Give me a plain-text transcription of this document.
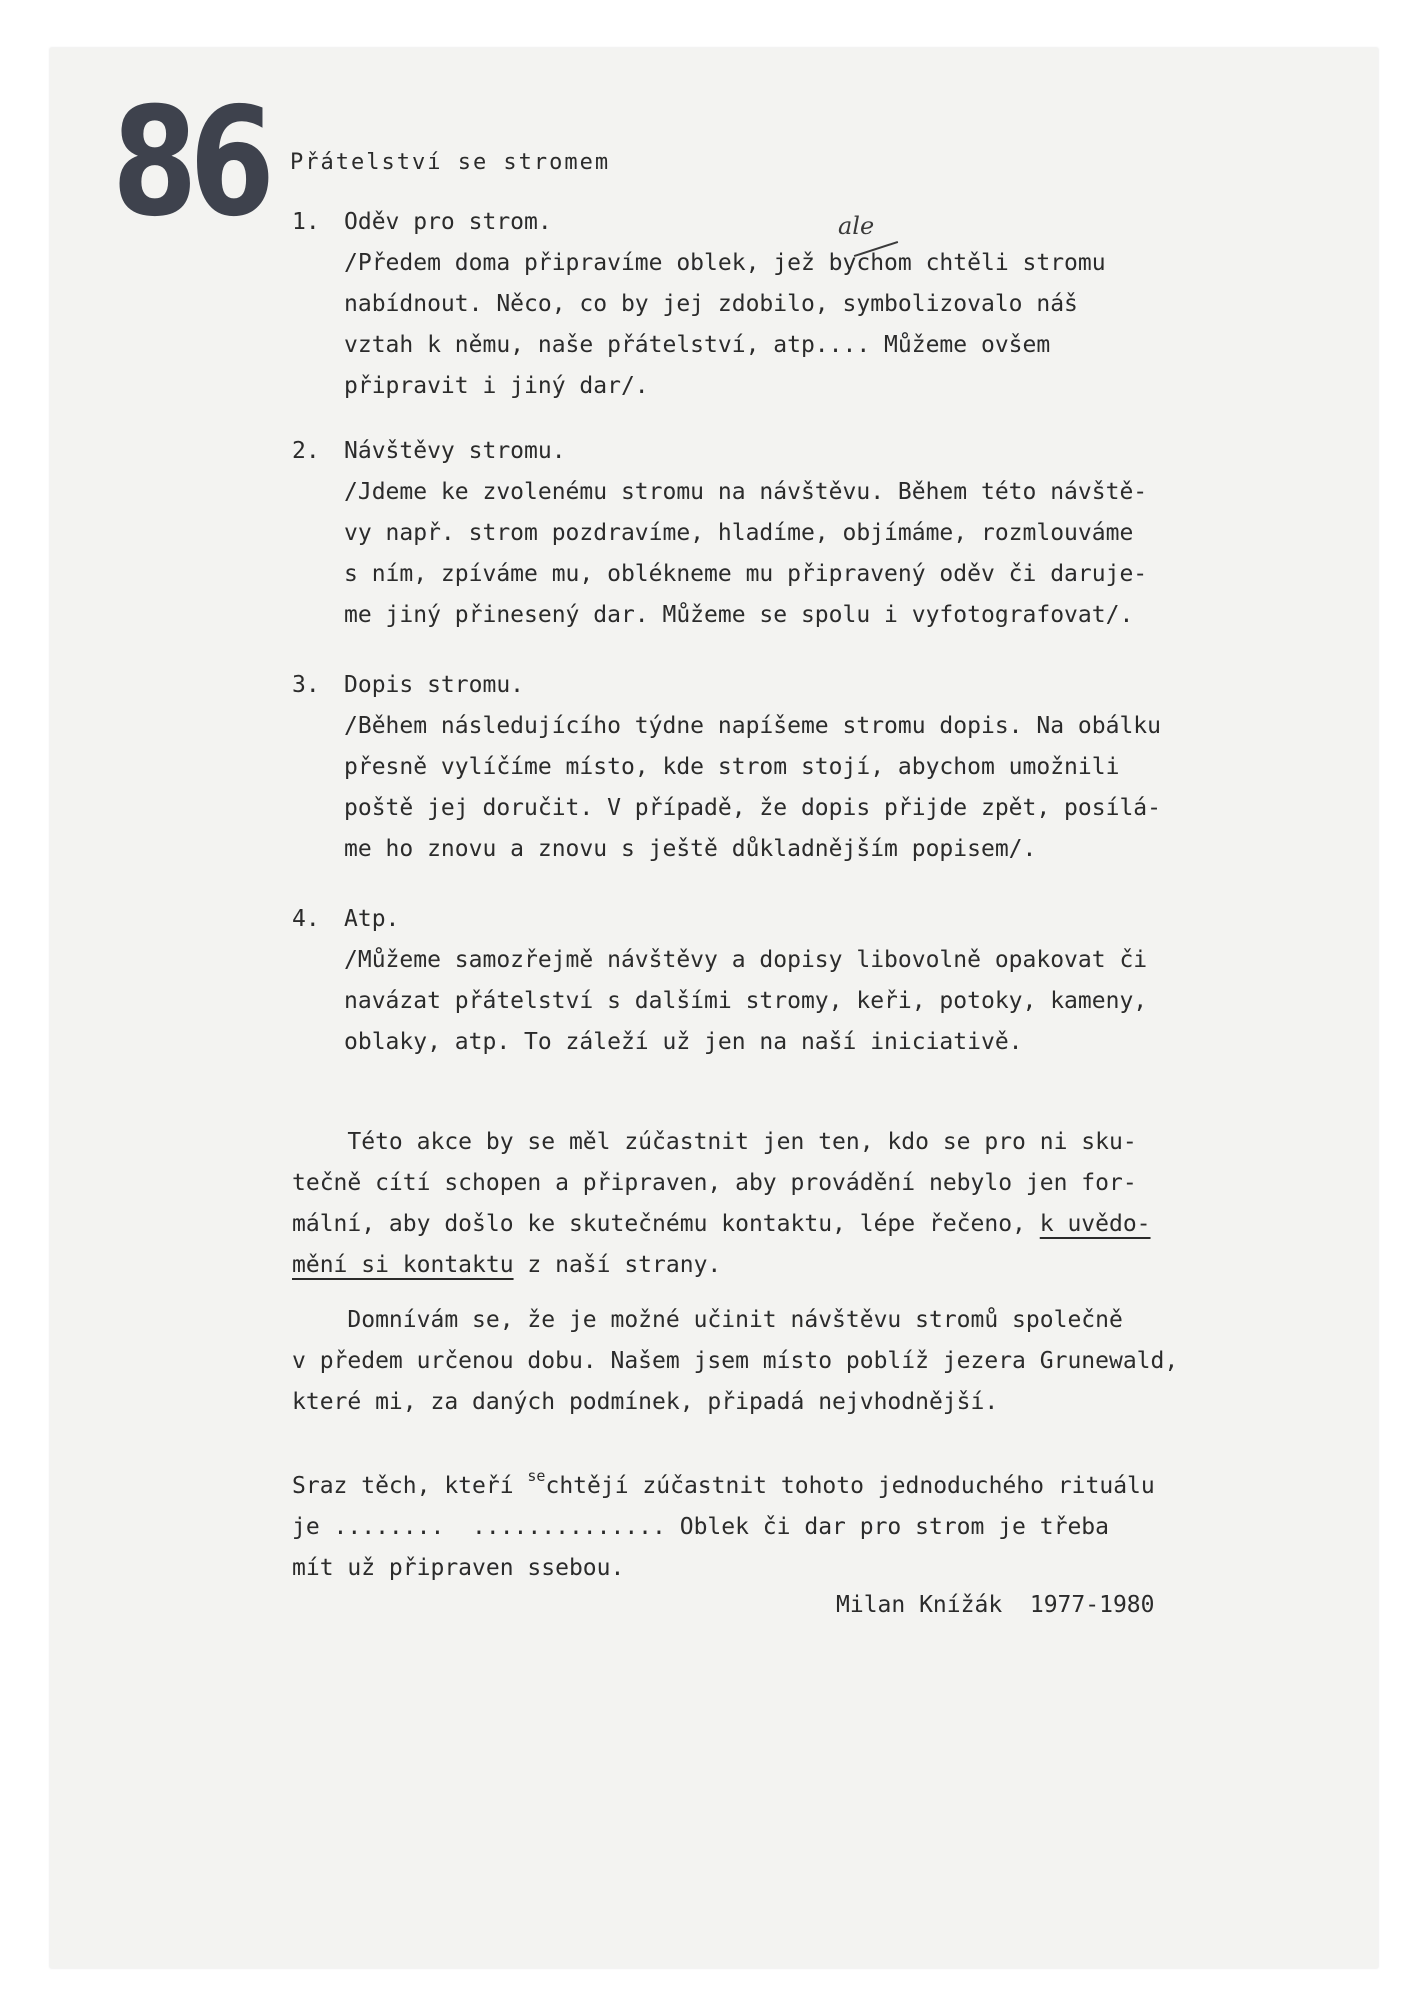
86 Přátelství se stromem
ale
1. Oděv pro strom.
/Předem doma připravíme oblek, jež bychom chtěli stromu
nabídnout. Něco, co by jej zdobilo, symbolizovalo náš
vztah k němu, naše přátelství, atp.... Můžeme ovšem
připravit i jiný dar/.
2. Návštěvy stromu.
/Jdeme ke zvolenému stromu na návštěvu. Během této návště-
vy např. strom pozdravíme, hladíme, objímáme, rozmlouváme
s ním, zpíváme mu, oblékneme mu připravený oděv či daruje-
me jiný přinesený dar. Můžeme se spolu i vyfotografovat/.
3. Dopis stromu.
/Během následujícího týdne napíšeme stromu dopis. Na obálku
přesně vylíčíme místo, kde strom stojí, abychom umožnili
poště jej doručit. V případě, že dopis přijde zpět, posílá-
me ho znovu a znovu s ještě důkladnějším popisem/.
4. Atp.
/Můžeme samozřejmě návštěvy a dopisy libovolně opakovat či
navázat přátelství s dalšími stromy, keři, potoky, kameny,
oblaky, atp. To záleží už jen na naší iniciativě.
Této akce by se měl zúčastnit jen ten, kdo se pro ni sku-
tečně cítí schopen a připraven, aby provádění nebylo jen for-
mální, aby došlo ke skutečnému kontaktu, lépe řečeno, k uvědo-
mění si kontaktu z naší strany.
Domnívám se, že je možné učinit návštěvu stromů společně
v předem určenou dobu. Našem jsem místo poblíž jezera Grunewald,
které mi, za daných podmínek, připadá nejvhodnější.
Sraz těch, kteří $^{se}$chtějí zúčastnit tohoto jednoduchého rituálu
je ........  .............. Oblek či dar pro strom je třeba
mít už připraven ssebou.
Milan Knížák  1977-1980
